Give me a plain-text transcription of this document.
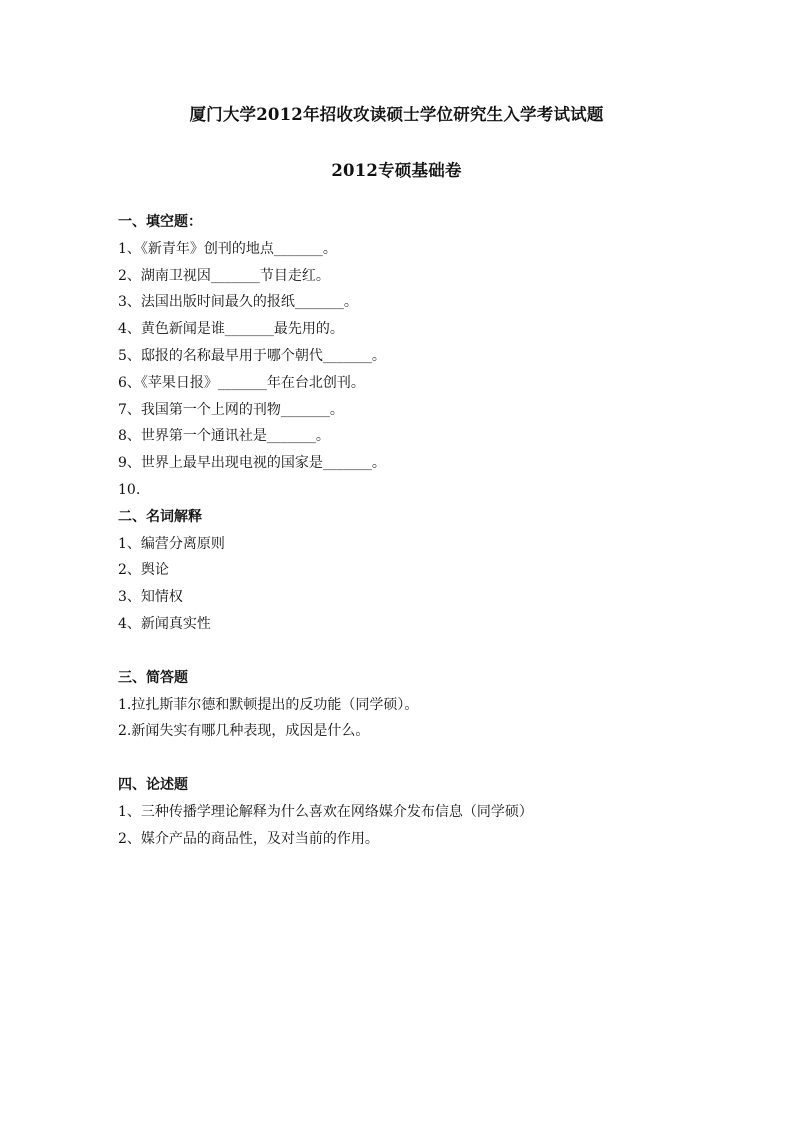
厦门大学2012年招收攻读硕士学位研究生入学考试试题
2012专硕基础卷
一、填空题：
1、《新青年》创刊的地点_______。
2、湖南卫视因_______节目走红。
3、法国出版时间最久的报纸_______。
4、黄色新闻是谁_______最先用的。
5、邸报的名称最早用于哪个朝代_______。
6、《苹果日报》_______年在台北创刊。
7、我国第一个上网的刊物_______。
8、世界第一个通讯社是_______。
9、世界上最早出现电视的国家是_______。
10.
二、名词解释
1、编营分离原则
2、舆论
3、知情权
4、新闻真实性
三、简答题
1.拉扎斯菲尔德和默顿提出的反功能（同学硕）。
2.新闻失实有哪几种表现，成因是什么。
四、论述题
1、三种传播学理论解释为什么喜欢在网络媒介发布信息（同学硕）
2、媒介产品的商品性，及对当前的作用。
